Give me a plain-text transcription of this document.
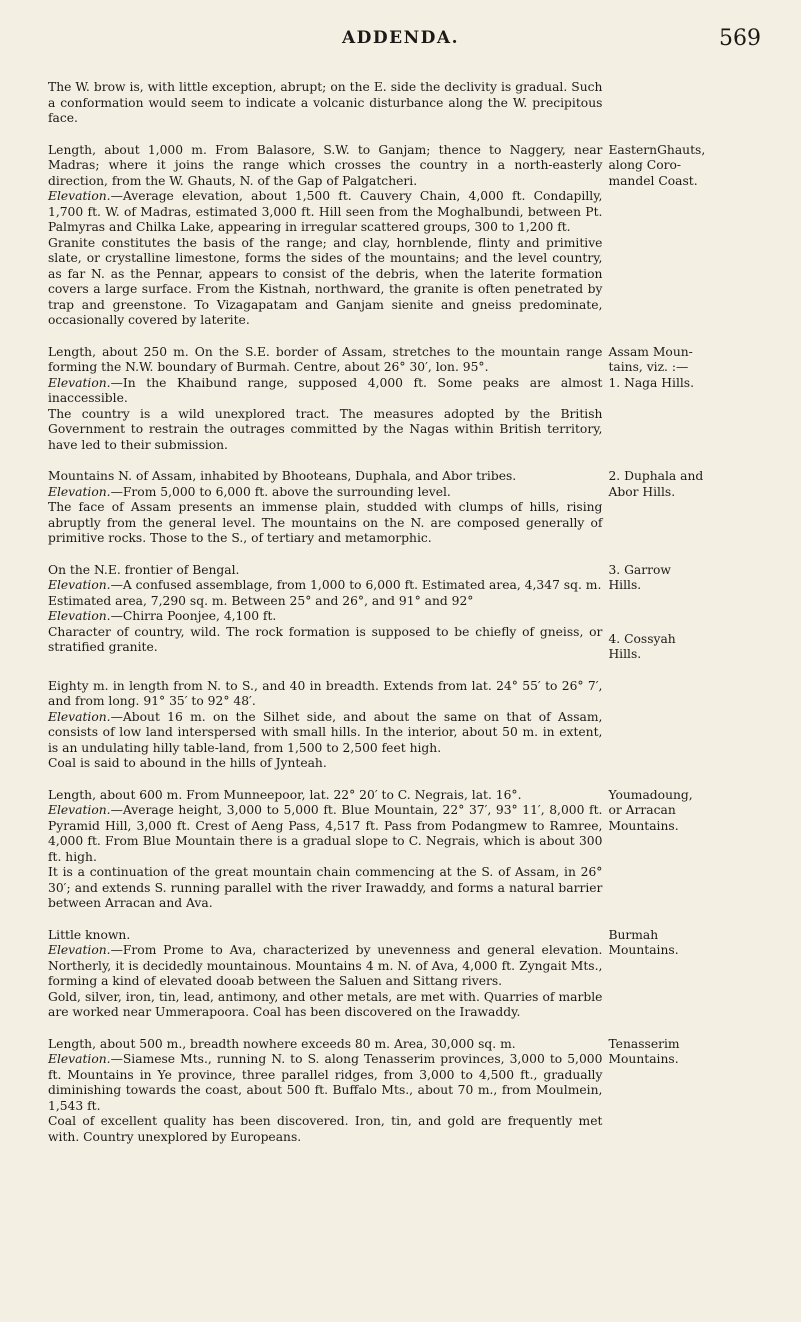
ADDENDA.	569

The W. brow is, with little exception, abrupt; on the E. side the declivity is gradual. Such a conformation would seem to indicate a volcanic disturbance along the W. precipitous face.

Length, about 1,000 m. From Balasore, S.W. to Ganjam; thence to Naggery, near Madras; where it joins the range which crosses the country in a north-easterly direction, from the W. Ghauts, N. of the Gap of Palgatcheri.

Elevation.—Average elevation, about 1,500 ft. Cauvery Chain, 4,000 ft. Condapilly, 1,700 ft. W. of Madras, estimated 3,000 ft. Hill seen from the Moghalbundi, between Pt. Palmyras and Chilka Lake, appearing in irregular scattered groups, 300 to 1,200 ft.

Granite constitutes the basis of the range; and clay, hornblende, flinty and primitive slate, or crystalline limestone, forms the sides of the mountains; and the level country, as far N. as the Pennar, appears to consist of the debris, when the laterite formation covers a large surface. From the Kistnah, northward, the granite is often penetrated by trap and greenstone. To Vizagapatam and Ganjam sienite and gneiss predominate, occasionally covered by laterite.

EasternGhauts,
along Coro-
mandel Coast.

Length, about 250 m. On the S.E. border of Assam, stretches to the mountain range forming the N.W. boundary of Burmah. Centre, about 26° 30′, lon. 95°.

Elevation.—In the Khaibund range, supposed 4,000 ft. Some peaks are almost inaccessible.

The country is a wild unexplored tract. The measures adopted by the British Government to restrain the outrages committed by the Nagas within British territory, have led to their submission.

Assam Moun-
tains, viz. :—
1. Naga Hills.

Mountains N. of Assam, inhabited by Bhooteans, Duphala, and Abor tribes.

Elevation.—From 5,000 to 6,000 ft. above the surrounding level.

The face of Assam presents an immense plain, studded with clumps of hills, rising abruptly from the general level. The mountains on the N. are composed generally of primitive rocks. Those to the S., of tertiary and metamorphic.

2. Duphala and
Abor Hills.

On the N.E. frontier of Bengal.

Elevation.—A confused assemblage, from 1,000 to 6,000 ft. Estimated area, 4,347 sq. m.

Estimated area, 7,290 sq. m. Between 25° and 26°, and 91° and 92°

Elevation.—Chirra Poonjee, 4,100 ft.

Character of country, wild. The rock formation is supposed to be chiefly of gneiss, or stratified granite.

3. Garrow
Hills.
4. Cossyah
Hills.

Eighty m. in length from N. to S., and 40 in breadth. Extends from lat. 24° 55′ to 26° 7′, and from long. 91° 35′ to 92° 48′.

Elevation.—About 16 m. on the Silhet side, and about the same on that of Assam, consists of low land interspersed with small hills. In the interior, about 50 m. in extent, is an undulating hilly table-land, from 1,500 to 2,500 feet high.

Coal is said to abound in the hills of Jynteah.

Length, about 600 m. From Munneepoor, lat. 22° 20′ to C. Negrais, lat. 16°.

Elevation.—Average height, 3,000 to 5,000 ft. Blue Mountain, 22° 37′, 93° 11′, 8,000 ft. Pyramid Hill, 3,000 ft. Crest of Aeng Pass, 4,517 ft. Pass from Podangmew to Ramree, 4,000 ft. From Blue Mountain there is a gradual slope to C. Negrais, which is about 300 ft. high.

It is a continuation of the great mountain chain commencing at the S. of Assam, in 26° 30′; and extends S. running parallel with the river Irawaddy, and forms a natural barrier between Arracan and Ava.

Youmadoung,
or Arracan
Mountains.

Little known.

Elevation.—From Prome to Ava, characterized by unevenness and general elevation. Northerly, it is decidedly mountainous. Mountains 4 m. N. of Ava, 4,000 ft. Zyngait Mts., forming a kind of elevated dooab between the Saluen and Sittang rivers.

Gold, silver, iron, tin, lead, antimony, and other metals, are met with. Quarries of marble are worked near Ummerapoora. Coal has been discovered on the Irawaddy.

Burmah
Mountains.

Length, about 500 m., breadth nowhere exceeds 80 m. Area, 30,000 sq. m.

Elevation.—Siamese Mts., running N. to S. along Tenasserim provinces, 3,000 to 5,000 ft. Mountains in Ye province, three parallel ridges, from 3,000 to 4,500 ft., gradually diminishing towards the coast, about 500 ft. Buffalo Mts., about 70 m., from Moulmein, 1,543 ft.

Coal of excellent quality has been discovered. Iron, tin, and gold are frequently met with. Country unexplored by Europeans.

Tenasserim
Mountains.
